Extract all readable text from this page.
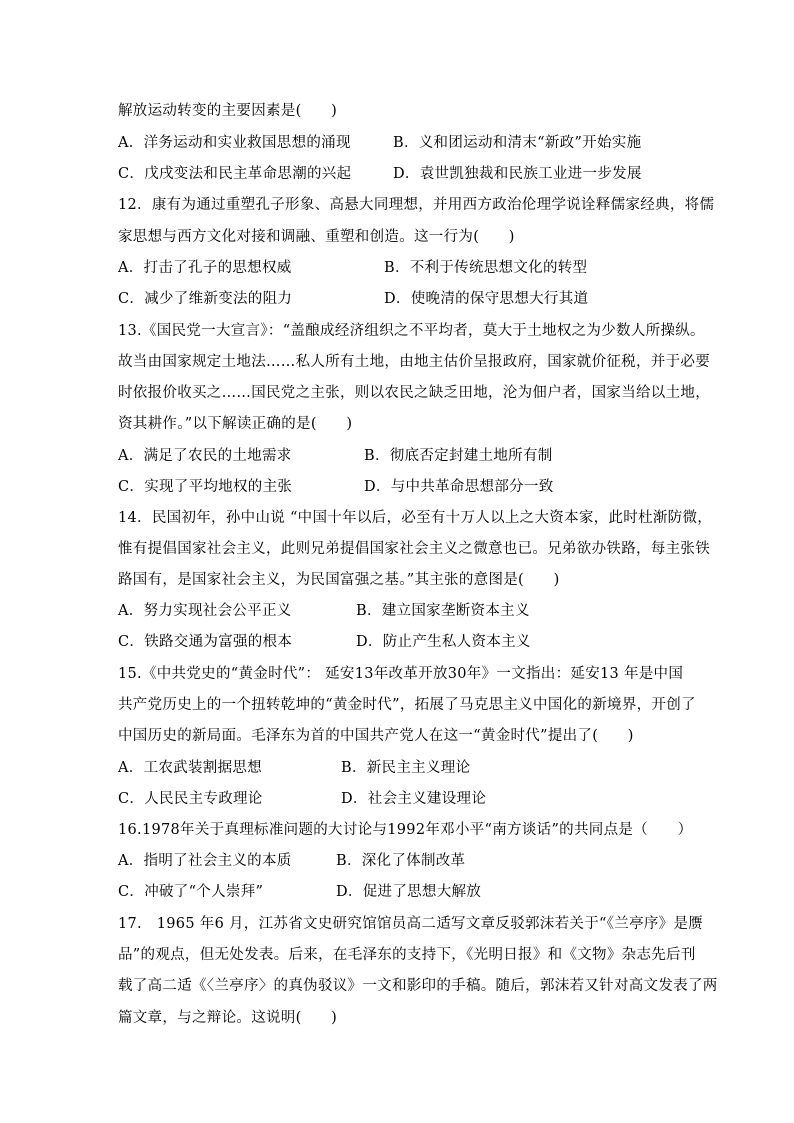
解放运动转变的主要因素是(　　)
A．洋务运动和实业救国思想的涌现	B．义和团运动和清末“新政”开始实施
C．戊戌变法和民主革命思潮的兴起	D．袁世凯独裁和民族工业进一步发展
12．康有为通过重塑孔子形象、高悬大同理想，并用西方政治伦理学说诠释儒家经典，将儒
家思想与西方文化对接和调融、重塑和创造。这一行为(　　)
A．打击了孔子的思想权威	B．不利于传统思想文化的转型
C．减少了维新变法的阻力	D．使晚清的保守思想大行其道
13.《国民党一大宣言》：“盖酿成经济组织之不平均者，莫大于土地权之为少数人所操纵。
故当由国家规定土地法……私人所有土地，由地主估价呈报政府，国家就价征税，并于必要
时依报价收买之……国民党之主张，则以农民之缺乏田地，沦为佃户者，国家当给以土地，
资其耕作。”以下解读正确的是(　　)
A．满足了农民的土地需求	B．彻底否定封建土地所有制
C．实现了平均地权的主张	D．与中共革命思想部分一致
14．民国初年，孙中山说 “中国十年以后，必至有十万人以上之大资本家，此时杜渐防微，
惟有提倡国家社会主义，此则兄弟提倡国家社会主义之微意也已。兄弟欲办铁路，每主张铁
路国有，是国家社会主义，为民国富强之基。”其主张的意图是(　　)
A．努力实现社会公平正义	B．建立国家垄断资本主义
C．铁路交通为富强的根本	D．防止产生私人资本主义
15.《中共党史的“黄金时代”： 延安13年改革开放30年》一文指出：延安13 年是中国
共产党历史上的一个扭转乾坤的“黄金时代”，拓展了马克思主义中国化的新境界，开创了
中国历史的新局面。毛泽东为首的中国共产党人在这一“黄金时代”提出了(　　)
A．工农武装割据思想	B．新民主主义理论
C．人民民主专政理论	D．社会主义建设理论
16.1978年关于真理标准问题的大讨论与1992年邓小平“南方谈话”的共同点是（　　）
A．指明了社会主义的本质	B．深化了体制改革
C．冲破了“个人崇拜”	D．促进了思想大解放
17.　1965 年6 月，江苏省文史研究馆馆员高二适写文章反驳郭沫若关于“《兰亭序》是赝
品”的观点，但无处发表。后来，在毛泽东的支持下，《光明日报》和《文物》杂志先后刊
载了高二适《〈兰亭序〉的真伪驳议》一文和影印的手稿。随后，郭沫若又针对高文发表了两
篇文章，与之辩论。这说明(　　)
